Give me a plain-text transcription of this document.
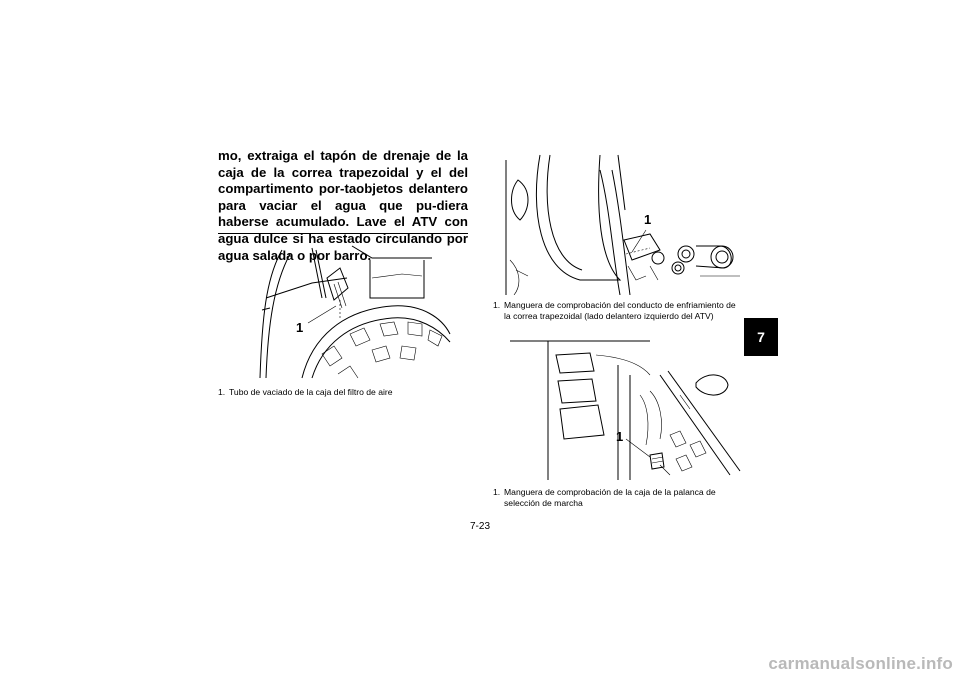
mo, extraiga el tapón de drenaje de la caja de la correa trapezoidal y el del compartimento por-taobjetos delantero para vaciar el agua que pu-diera haberse acumulado. Lave el ATV con agua dulce si ha estado circulando por agua salada o por barro.

1
1. Tubo de vaciado de la caja del filtro de aire
1
1. Manguera de comprobación del conducto de enfriamiento de la correa trapezoidal (lado delantero izquierdo del ATV)
1
1. Manguera de comprobación de la caja de la palanca de selección de marcha
7
7-23
carmanualsonline.info
